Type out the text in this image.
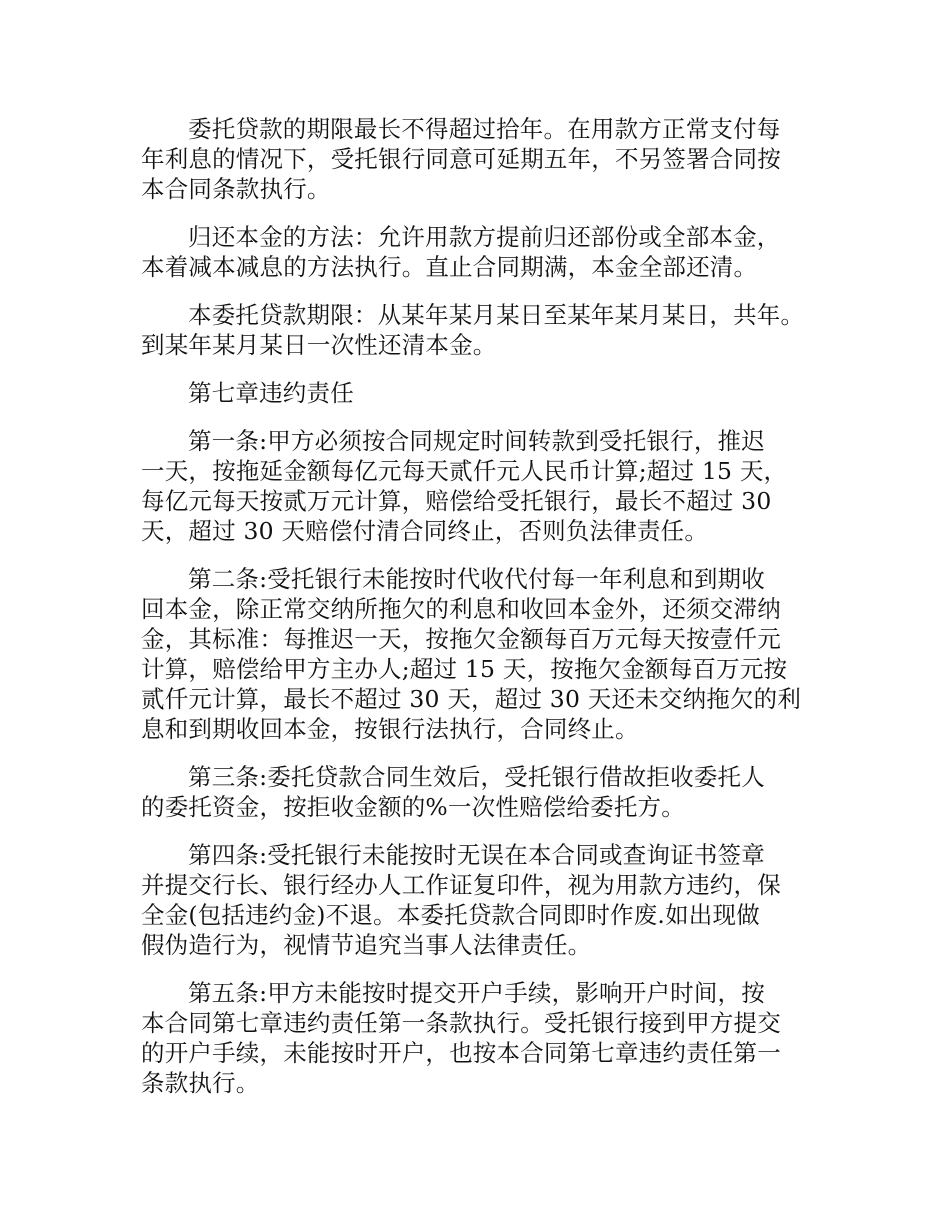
委托贷款的期限最长不得超过拾年。在用款方正常支付每
年利息的情况下，受托银行同意可延期五年，不另签署合同按
本合同条款执行。

归还本金的方法：允许用款方提前归还部份或全部本金，
本着减本减息的方法执行。直止合同期满，本金全部还清。

本委托贷款期限：从某年某月某日至某年某月某日，共年。
到某年某月某日一次性还清本金。

第七章违约责任

第一条:甲方必须按合同规定时间转款到受托银行，推迟
一天，按拖延金额每亿元每天贰仟元人民币计算;超过 15 天，
每亿元每天按贰万元计算，赔偿给受托银行，最长不超过 30
天，超过 30 天赔偿付清合同终止，否则负法律责任。

第二条:受托银行未能按时代收代付每一年利息和到期收
回本金，除正常交纳所拖欠的利息和收回本金外，还须交滞纳
金，其标准：每推迟一天，按拖欠金额每百万元每天按壹仟元
计算，赔偿给甲方主办人;超过 15 天，按拖欠金额每百万元按
贰仟元计算，最长不超过 30 天，超过 30 天还未交纳拖欠的利
息和到期收回本金，按银行法执行，合同终止。

第三条:委托贷款合同生效后，受托银行借故拒收委托人
的委托资金，按拒收金额的%一次性赔偿给委托方。

第四条:受托银行未能按时无误在本合同或查询证书签章
并提交行长、银行经办人工作证复印件，视为用款方违约，保
全金(包括违约金)不退。本委托贷款合同即时作废.如出现做
假伪造行为，视情节追究当事人法律责任。

第五条:甲方未能按时提交开户手续，影响开户时间，按
本合同第七章违约责任第一条款执行。受托银行接到甲方提交
的开户手续，未能按时开户，也按本合同第七章违约责任第一
条款执行。
